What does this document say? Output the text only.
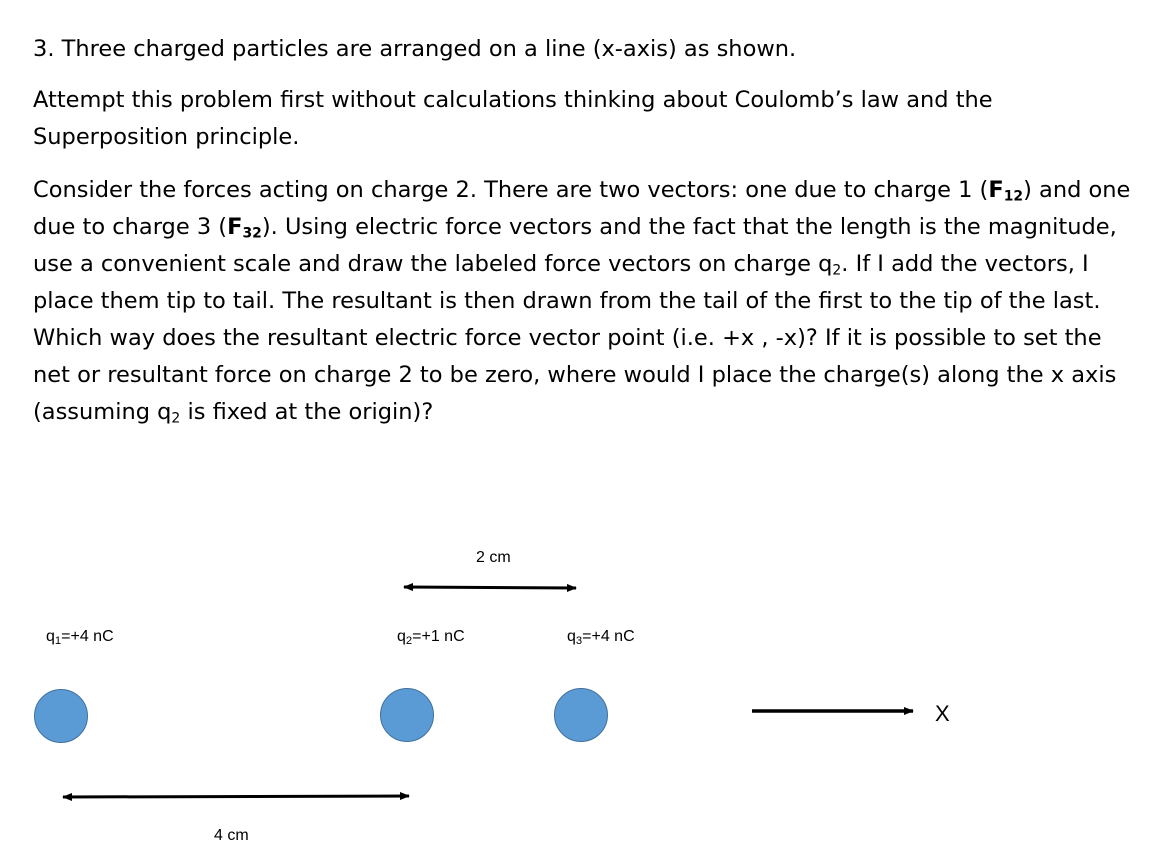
3. Three charged particles are arranged on a line (x-axis) as shown.

Attempt this problem first without calculations thinking about Coulomb’s law and the Superposition principle.

Consider the forces acting on charge 2. There are two vectors: one due to charge 1 $(F_{12})$ and one due to charge 3 $(F_{32})$. Using electric force vectors and the fact that the length is the magnitude, use a convenient scale and draw the labeled force vectors on charge $q_2$. If I add the vectors, I place them tip to tail. The resultant is then drawn from the tail of the first to the tip of the last. Which way does the resultant electric force vector point (i.e. +x , -x)? If it is possible to set the net or resultant force on charge 2 to be zero, where would I place the charge(s) along the x axis (assuming $q_2$ is fixed at the origin)?

2 cm
4 cm
$q_1=+4$ nC	$q_2=+1$ nC	$q_3=+4$ nC
X
